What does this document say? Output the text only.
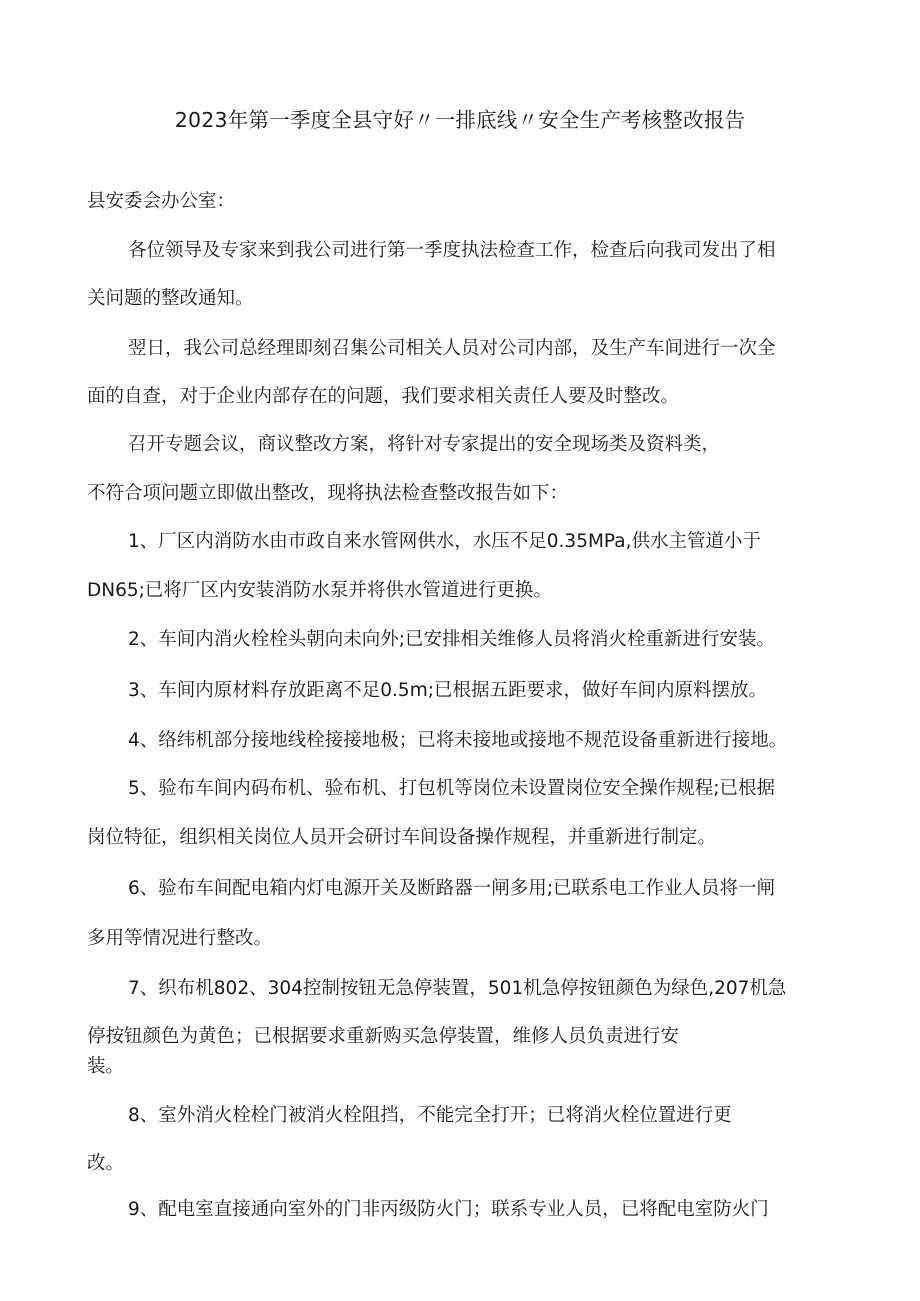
2023年第一季度全县守好〃一排底线〃安全生产考核整改报告
县安委会办公室：
各位领导及专家来到我公司进行第一季度执法检查工作，检查后向我司发出了相
关问题的整改通知。
翌日，我公司总经理即刻召集公司相关人员对公司内部，及生产车间进行一次全
面的自查，对于企业内部存在的问题，我们要求相关责任人要及时整改。
召开专题会议，商议整改方案，将针对专家提出的安全现场类及资料类，
不符合项问题立即做出整改，现将执法检查整改报告如下：
1、厂区内消防水由市政自来水管网供水，水压不足0.35MPa,供水主管道小于
DN65;已将厂区内安装消防水泵并将供水管道进行更换。
2、车间内消火栓栓头朝向未向外;已安排相关维修人员将消火栓重新进行安装。
3、车间内原材料存放距离不足0.5m;已根据五距要求，做好车间内原料摆放。
4、络纬机部分接地线栓接接地极；已将未接地或接地不规范设备重新进行接地。
5、验布车间内码布机、验布机、打包机等岗位未设置岗位安全操作规程;已根据
岗位特征，组织相关岗位人员开会研讨车间设备操作规程，并重新进行制定。
6、验布车间配电箱内灯电源开关及断路器一闸多用;已联系电工作业人员将一闸
多用等情况进行整改。
7、织布机802、304控制按钮无急停装置，501机急停按钮颜色为绿色,207机急
停按钮颜色为黄色；已根据要求重新购买急停装置，维修人员负责进行安
装。
8、室外消火栓栓门被消火栓阻挡，不能完全打开；已将消火栓位置进行更
改。
9、配电室直接通向室外的门非丙级防火门；联系专业人员，已将配电室防火门
